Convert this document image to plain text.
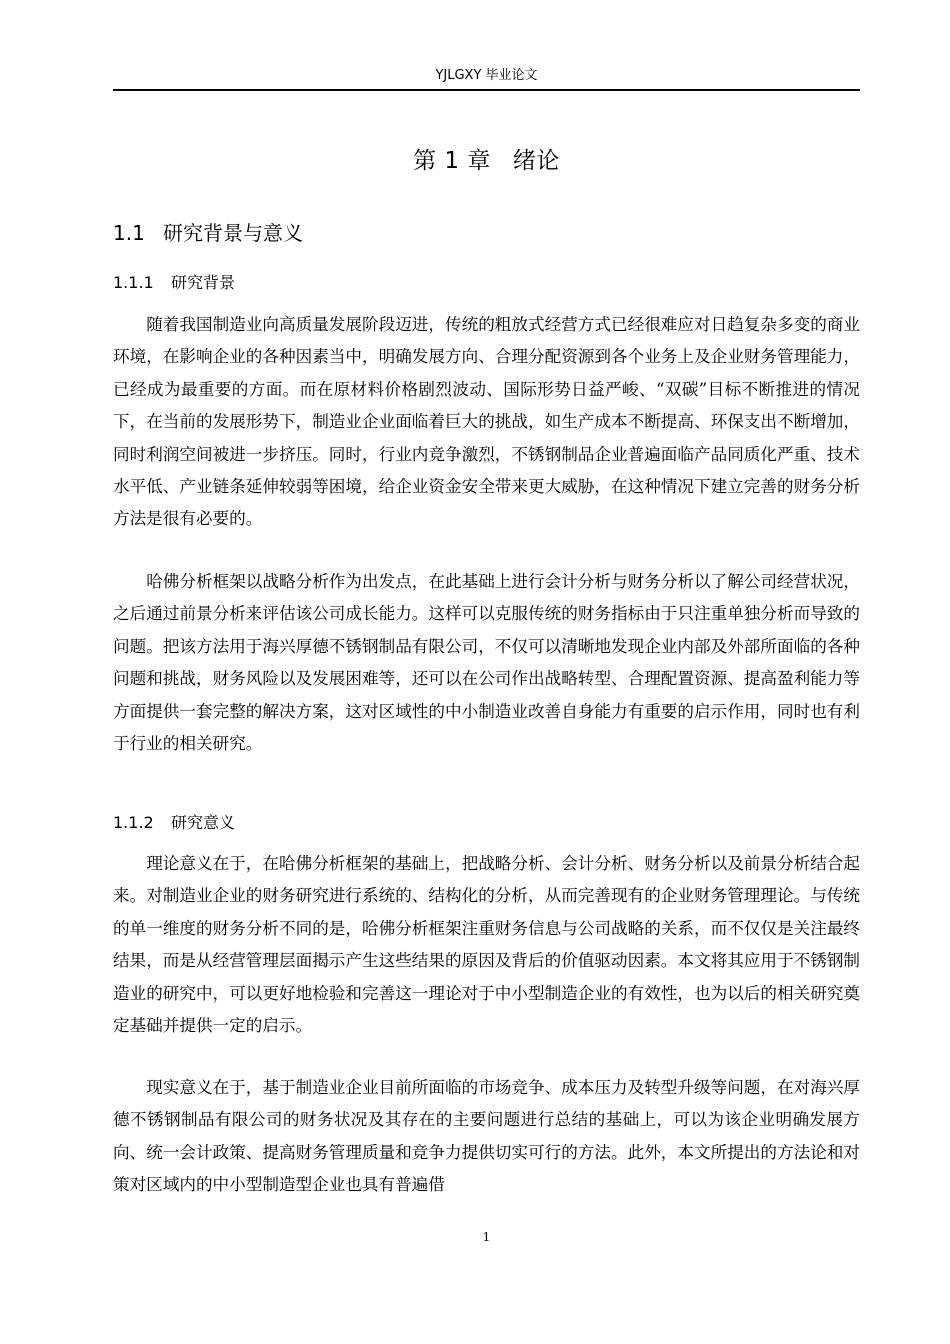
YJLGXY 毕业论文
第 1 章 绪论
1.1 研究背景与意义
1.1.1 研究背景

随着我国制造业向高质量发展阶段迈进，传统的粗放式经营方式已经很难应对日趋复杂多变的商业环境，在影响企业的各种因素当中，明确发展方向、合理分配资源到各个业务上及企业财务管理能力，已经成为最重要的方面。而在原材料价格剧烈波动、国际形势日益严峻、“双碳”目标不断推进的情况下，在当前的发展形势下，制造业企业面临着巨大的挑战，如生产成本不断提高、环保支出不断增加，同时利润空间被进一步挤压。同时，行业内竞争激烈，不锈钢制品企业普遍面临产品同质化严重、技术水平低、产业链条延伸较弱等困境，给企业资金安全带来更大威胁，在这种情况下建立完善的财务分析方法是很有必要的。

哈佛分析框架以战略分析作为出发点，在此基础上进行会计分析与财务分析以了解公司经营状况，之后通过前景分析来评估该公司成长能力。这样可以克服传统的财务指标由于只注重单独分析而导致的问题。把该方法用于海兴厚德不锈钢制品有限公司，不仅可以清晰地发现企业内部及外部所面临的各种问题和挑战，财务风险以及发展困难等，还可以在公司作出战略转型、合理配置资源、提高盈利能力等方面提供一套完整的解决方案，这对区域性的中小制造业改善自身能力有重要的启示作用，同时也有利于行业的相关研究。

1.1.2 研究意义

理论意义在于，在哈佛分析框架的基础上，把战略分析、会计分析、财务分析以及前景分析结合起来。对制造业企业的财务研究进行系统的、结构化的分析，从而完善现有的企业财务管理理论。与传统的单一维度的财务分析不同的是，哈佛分析框架注重财务信息与公司战略的关系，而不仅仅是关注最终结果，而是从经营管理层面揭示产生这些结果的原因及背后的价值驱动因素。本文将其应用于不锈钢制造业的研究中，可以更好地检验和完善这一理论对于中小型制造企业的有效性，也为以后的相关研究奠定基础并提供一定的启示。

现实意义在于，基于制造业企业目前所面临的市场竞争、成本压力及转型升级等问题，在对海兴厚德不锈钢制品有限公司的财务状况及其存在的主要问题进行总结的基础上，可以为该企业明确发展方向、统一会计政策、提高财务管理质量和竞争力提供切实可行的方法。此外，本文所提出的方法论和对策对区域内的中小型制造型企业也具有普遍借

1
